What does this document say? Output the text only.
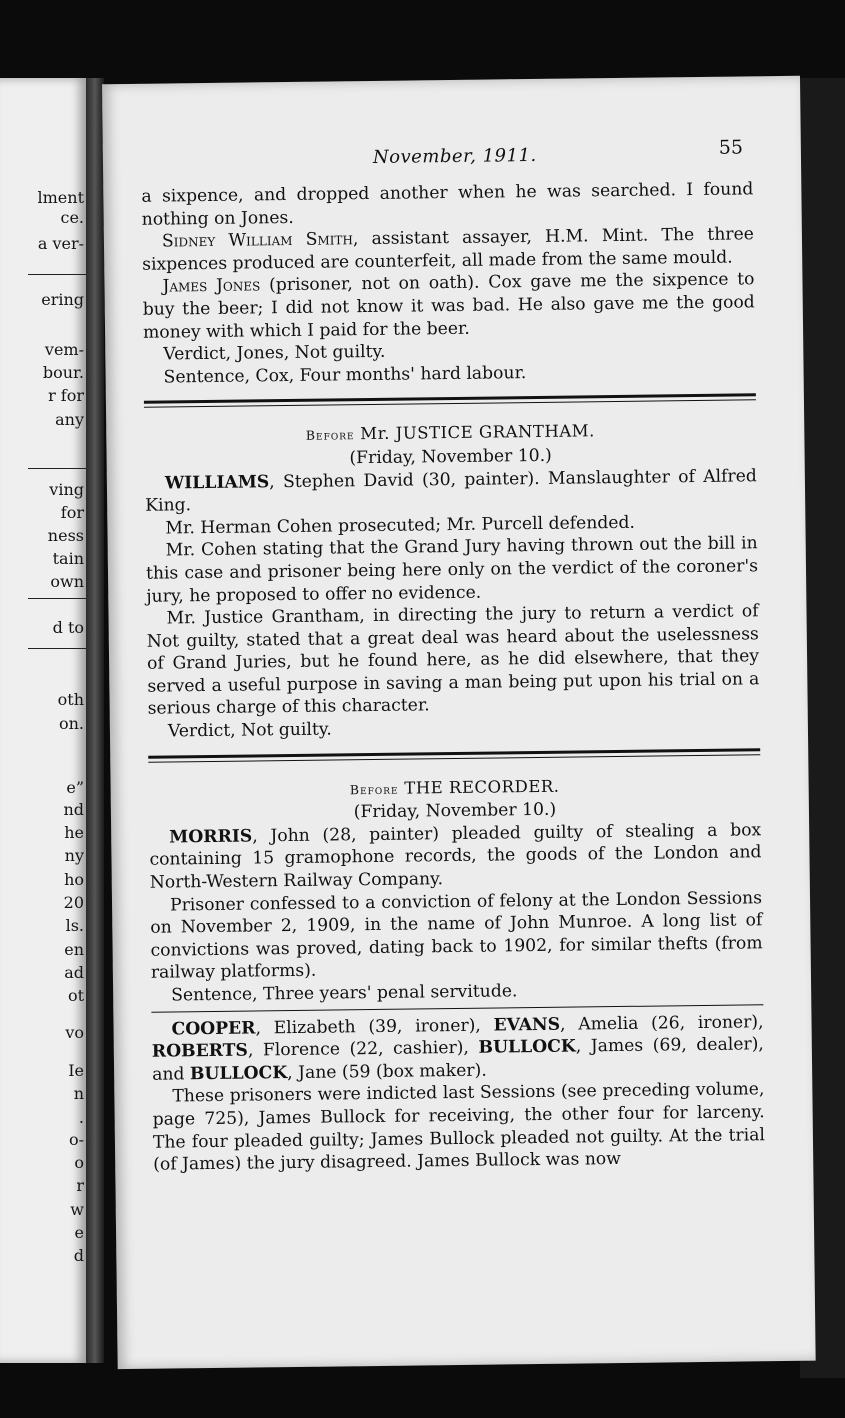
lment
ce.
a ver-
ering
vem-
bour.
r for
any
ving
for
ness
tain
own
d to
oth
on.
e”
nd
he
ny
ho
20
ls.
en
ad
ot
vo
Ie
n
.
o-
o
r
w
e
d
November, 1911.	55

a sixpence, and dropped another when he was searched. I found nothing on Jones.

Sidney William Smith, assistant assayer, H.M. Mint. The three sixpences produced are counterfeit, all made from the same mould.

James Jones (prisoner, not on oath). Cox gave me the sixpence to buy the beer; I did not know it was bad. He also gave me the good money with which I paid for the beer.

Verdict, Jones, Not guilty.

Sentence, Cox, Four months' hard labour.

Before Mr. JUSTICE GRANTHAM.

(Friday, November 10.)

WILLIAMS, Stephen David (30, painter). Manslaughter of Alfred King.

Mr. Herman Cohen prosecuted; Mr. Purcell defended.

Mr. Cohen stating that the Grand Jury having thrown out the bill in this case and prisoner being here only on the verdict of the coroner's jury, he proposed to offer no evidence.

Mr. Justice Grantham, in directing the jury to return a verdict of Not guilty, stated that a great deal was heard about the uselessness of Grand Juries, but he found here, as he did elsewhere, that they served a useful purpose in saving a man being put upon his trial on a serious charge of this character.

Verdict, Not guilty.

Before THE RECORDER.

(Friday, November 10.)

MORRIS, John (28, painter) pleaded guilty of stealing a box containing 15 gramophone records, the goods of the London and North-Western Railway Company.

Prisoner confessed to a conviction of felony at the London Sessions on November 2, 1909, in the name of John Munroe. A long list of convictions was proved, dating back to 1902, for similar thefts (from railway platforms).

Sentence, Three years' penal servitude.

COOPER, Elizabeth (39, ironer), EVANS, Amelia (26, ironer), ROBERTS, Florence (22, cashier), BULLOCK, James (69, dealer), and BULLOCK, Jane (59 (box maker).

These prisoners were indicted last Sessions (see preceding volume, page 725), James Bullock for receiving, the other four for larceny. The four pleaded guilty; James Bullock pleaded not guilty. At the trial (of James) the jury disagreed. James Bullock was now
